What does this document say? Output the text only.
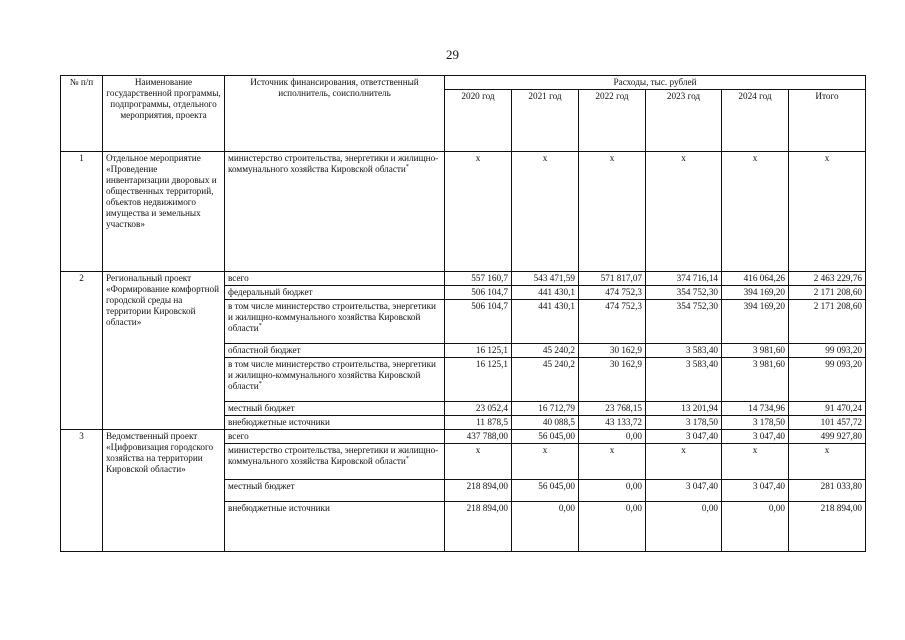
29
№ п/п	Наименование государственной программы, подпрограммы, отдельного мероприятия, проекта	Источник финансирования, ответственный исполнитель, соисполнитель	Расходы, тыс. рублей					
			2020 год	2021 год	2022 год	2023 год	2024 год	Итого
1	Отдельное мероприятие «Проведение инвентаризации дворовых и общественных территорий, объектов недвижимого имущества и земельных участков»	министерство строительства, энергетики и жилищно-коммунального хозяйства Кировской области*	x	x	x	x	x	x
2	Региональный проект «Формирование комфортной городской среды на территории Кировской области»	всего	557 160,7	543 471,59	571 817,07	374 716,14	416 064,26	2 463 229,76
		федеральный бюджет	506 104,7	441 430,1	474 752,3	354 752,30	394 169,20	2 171 208,60
		в том числе министерство строительства, энергетики и жилищно-коммунального хозяйства Кировской области*	506 104,7	441 430,1	474 752,3	354 752,30	394 169,20	2 171 208,60
		областной бюджет	16 125,1	45 240,2	30 162,9	3 583,40	3 981,60	99 093,20
		в том числе министерство строительства, энергетики и жилищно-коммунального хозяйства Кировской области*	16 125,1	45 240,2	30 162,9	3 583,40	3 981,60	99 093,20
		местный бюджет	23 052,4	16 712,79	23 768,15	13 201,94	14 734,96	91 470,24
		внебюджетные источники	11 878,5	40 088,5	43 133,72	3 178,50	3 178,50	101 457,72
3	Ведомственный проект «Цифровизация городского хозяйства на территории Кировской области»	всего	437 788,00	56 045,00	0,00	3 047,40	3 047,40	499 927,80
		министерство строительства, энергетики и жилищно-коммунального хозяйства Кировской области*	x	x	x	x	x	x
		местный бюджет	218 894,00	56 045,00	0,00	3 047,40	3 047,40	281 033,80
		внебюджетные источники	218 894,00	0,00	0,00	0,00	0,00	218 894,00
